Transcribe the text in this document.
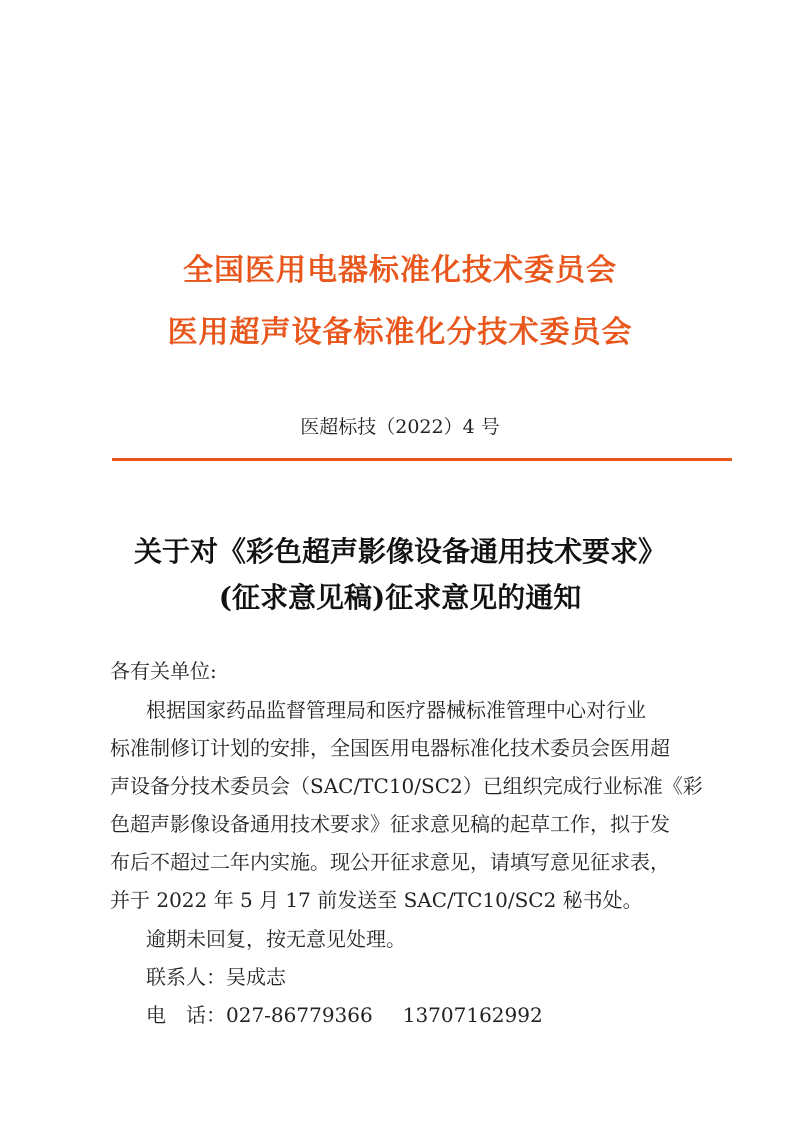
全国医用电器标准化技术委员会
医用超声设备标准化分技术委员会
医超标技（2022）4 号
关于对《彩色超声影像设备通用技术要求》
(征求意见稿)征求意见的通知
各有关单位:
根据国家药品监督管理局和医疗器械标准管理中心对行业
标准制修订计划的安排，全国医用电器标准化技术委员会医用超
声设备分技术委员会（SAC/TC10/SC2）已组织完成行业标准《彩
色超声影像设备通用技术要求》征求意见稿的起草工作，拟于发
布后不超过二年内实施。现公开征求意见，请填写意见征求表，
并于 2022 年 5 月 17 前发送至 SAC/TC10/SC2 秘书处。
逾期未回复，按无意见处理。
联系人：吴成志
电　话：027-86779366 13707162992
